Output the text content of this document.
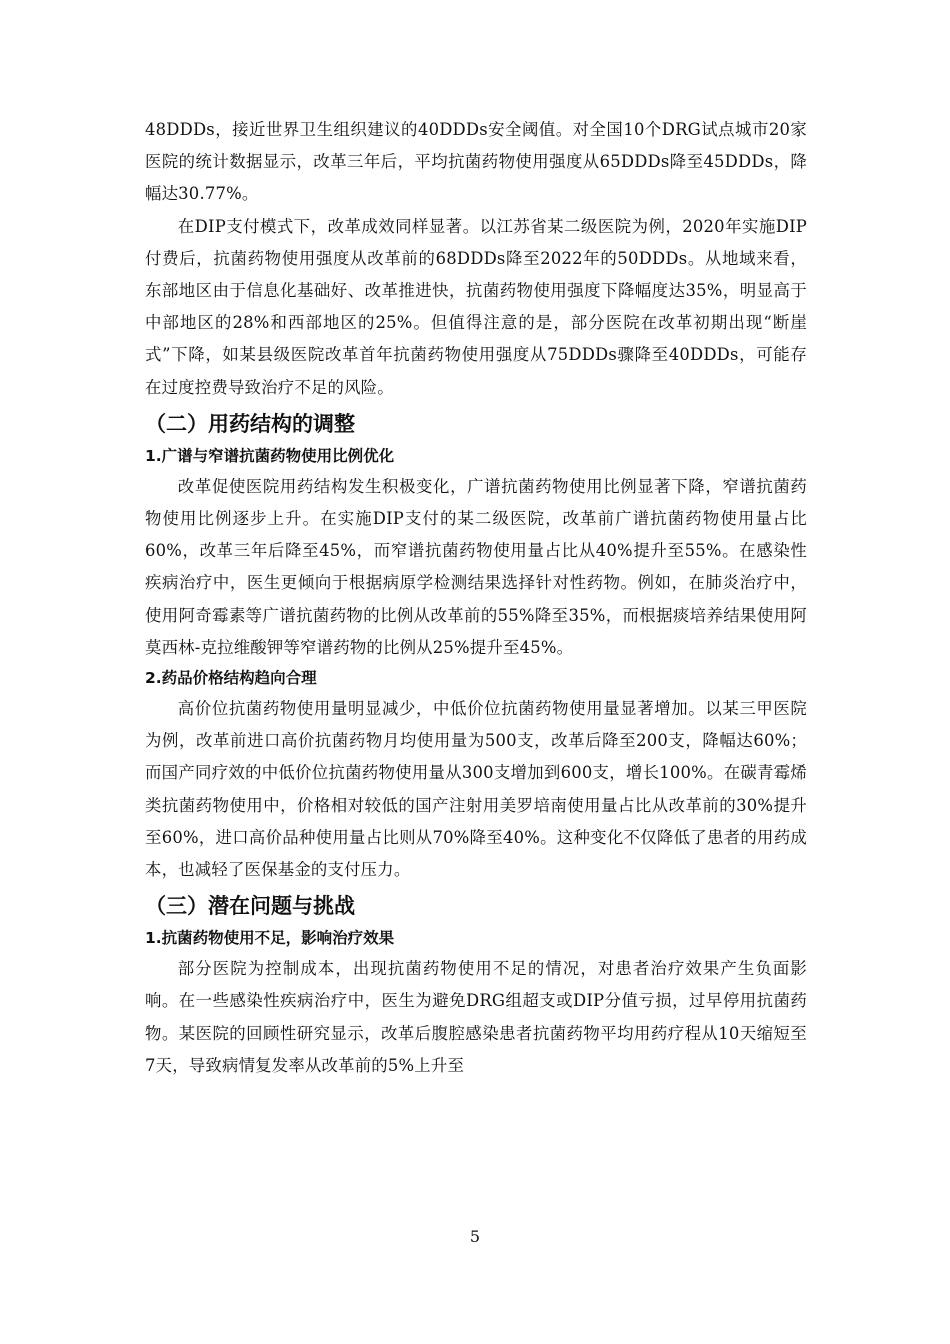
48DDDs，接近世界卫生组织建议的40DDDs安全阈值。对全国10个DRG试点城市20家医院的统计数据显示，改革三年后，平均抗菌药物使用强度从65DDDs降至45DDDs，降幅达30.77%。

在DIP支付模式下，改革成效同样显著。以江苏省某二级医院为例，2020年实施DIP付费后，抗菌药物使用强度从改革前的68DDDs降至2022年的50DDDs。从地域来看，东部地区由于信息化基础好、改革推进快，抗菌药物使用强度下降幅度达35%，明显高于中部地区的28%和西部地区的25%。但值得注意的是，部分医院在改革初期出现“断崖式”下降，如某县级医院改革首年抗菌药物使用强度从75DDDs骤降至40DDDs，可能存在过度控费导致治疗不足的风险。

（二）用药结构的调整
1.广谱与窄谱抗菌药物使用比例优化

改革促使医院用药结构发生积极变化，广谱抗菌药物使用比例显著下降，窄谱抗菌药物使用比例逐步上升。在实施DIP支付的某二级医院，改革前广谱抗菌药物使用量占比60%，改革三年后降至45%，而窄谱抗菌药物使用量占比从40%提升至55%。在感染性疾病治疗中，医生更倾向于根据病原学检测结果选择针对性药物。例如，在肺炎治疗中，使用阿奇霉素等广谱抗菌药物的比例从改革前的55%降至35%，而根据痰培养结果使用阿莫西林-克拉维酸钾等窄谱药物的比例从25%提升至45%。

2.药品价格结构趋向合理

高价位抗菌药物使用量明显减少，中低价位抗菌药物使用量显著增加。以某三甲医院为例，改革前进口高价抗菌药物月均使用量为500支，改革后降至200支，降幅达60%；而国产同疗效的中低价位抗菌药物使用量从300支增加到600支，增长100%。在碳青霉烯类抗菌药物使用中，价格相对较低的国产注射用美罗培南使用量占比从改革前的30%提升至60%，进口高价品种使用量占比则从70%降至40%。这种变化不仅降低了患者的用药成本，也减轻了医保基金的支付压力。

（三）潜在问题与挑战
1.抗菌药物使用不足，影响治疗效果

部分医院为控制成本，出现抗菌药物使用不足的情况，对患者治疗效果产生负面影响。在一些感染性疾病治疗中，医生为避免DRG组超支或DIP分值亏损，过早停用抗菌药物。某医院的回顾性研究显示，改革后腹腔感染患者抗菌药物平均用药疗程从10天缩短至7天，导致病情复发率从改革前的5%上升至

5
